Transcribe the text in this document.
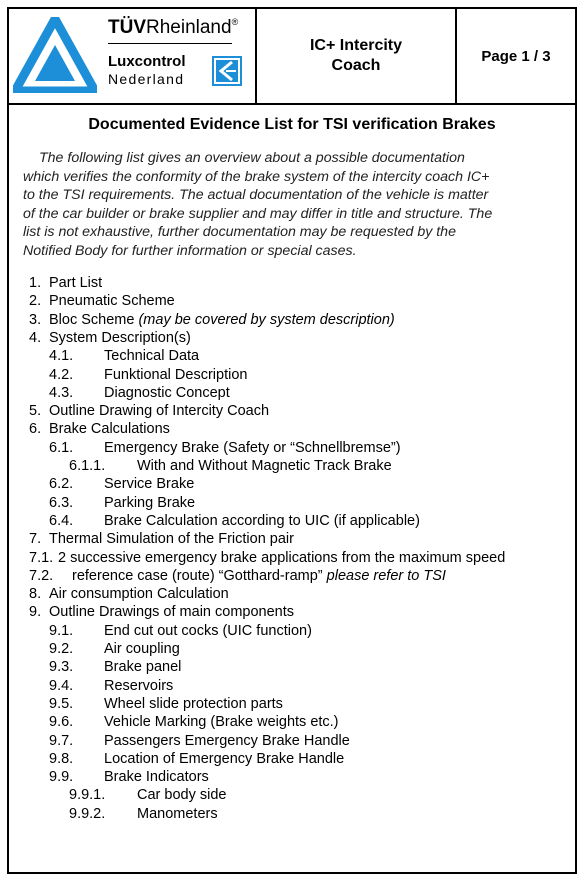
TÜVRheinland®
Luxcontrol
Nederland
IC+ Intercity
Coach
Page 1 / 3
Documented Evidence List for TSI verification Brakes
The following list gives an overview about a possible documentation
which verifies the conformity of the brake system of the intercity coach IC+
to the TSI requirements. The actual documentation of the vehicle is matter
of the car builder or brake supplier and may differ in title and structure. The
list is not exhaustive, further documentation may be requested by the
Notified Body for further information or special cases.
1. Part List
2. Pneumatic Scheme
3. Bloc Scheme (may be covered by system description)
4. System Description(s)
4.1. Technical Data
4.2. Funktional Description
4.3. Diagnostic Concept
5. Outline Drawing of Intercity Coach
6. Brake Calculations
6.1. Emergency Brake (Safety or “Schnellbremse”)
6.1.1. With and Without Magnetic Track Brake
6.2. Service Brake
6.3. Parking Brake
6.4. Brake Calculation according to UIC (if applicable)
7. Thermal Simulation of the Friction pair
7.1. 2 successive emergency brake applications from the maximum speed
7.2. reference case (route) “Gotthard-ramp” please refer to TSI
8. Air consumption Calculation
9. Outline Drawings of main components
9.1. End cut out cocks (UIC function)
9.2. Air coupling
9.3. Brake panel
9.4. Reservoirs
9.5. Wheel slide protection parts
9.6. Vehicle Marking (Brake weights etc.)
9.7. Passengers Emergency Brake Handle
9.8. Location of Emergency Brake Handle
9.9. Brake Indicators
9.9.1. Car body side
9.9.2. Manometers
